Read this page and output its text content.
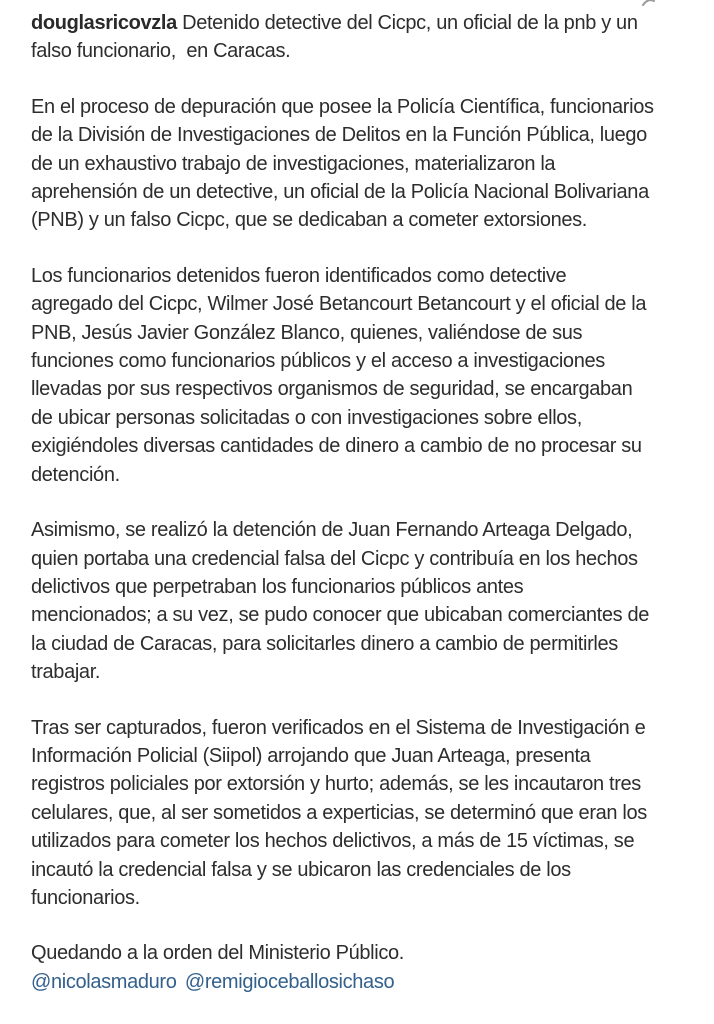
douglasricovzla Detenido detective del Cicpc, un oficial de la pnb y un
falso funcionario,  en Caracas.

En el proceso de depuración que posee la Policía Científica, funcionarios
de la División de Investigaciones de Delitos en la Función Pública, luego
de un exhaustivo trabajo de investigaciones, materializaron la
aprehensión de un detective, un oficial de la Policía Nacional Bolivariana
(PNB) y un falso Cicpc, que se dedicaban a cometer extorsiones.

Los funcionarios detenidos fueron identificados como detective
agregado del Cicpc, Wilmer José Betancourt Betancourt y el oficial de la
PNB, Jesús Javier González Blanco, quienes, valiéndose de sus
funciones como funcionarios públicos y el acceso a investigaciones
llevadas por sus respectivos organismos de seguridad, se encargaban
de ubicar personas solicitadas o con investigaciones sobre ellos,
exigiéndoles diversas cantidades de dinero a cambio de no procesar su
detención.

Asimismo, se realizó la detención de Juan Fernando Arteaga Delgado,
quien portaba una credencial falsa del Cicpc y contribuía en los hechos
delictivos que perpetraban los funcionarios públicos antes
mencionados; a su vez, se pudo conocer que ubicaban comerciantes de
la ciudad de Caracas, para solicitarles dinero a cambio de permitirles
trabajar.

Tras ser capturados, fueron verificados en el Sistema de Investigación e
Información Policial (Siipol) arrojando que Juan Arteaga, presenta
registros policiales por extorsión y hurto; además, se les incautaron tres
celulares, que, al ser sometidos a experticias, se determinó que eran los
utilizados para cometer los hechos delictivos, a más de 15 víctimas, se
incautó la credencial falsa y se ubicaron las credenciales de los
funcionarios.

Quedando a la orden del Ministerio Público.
@nicolasmaduro @remigioceballosichaso
